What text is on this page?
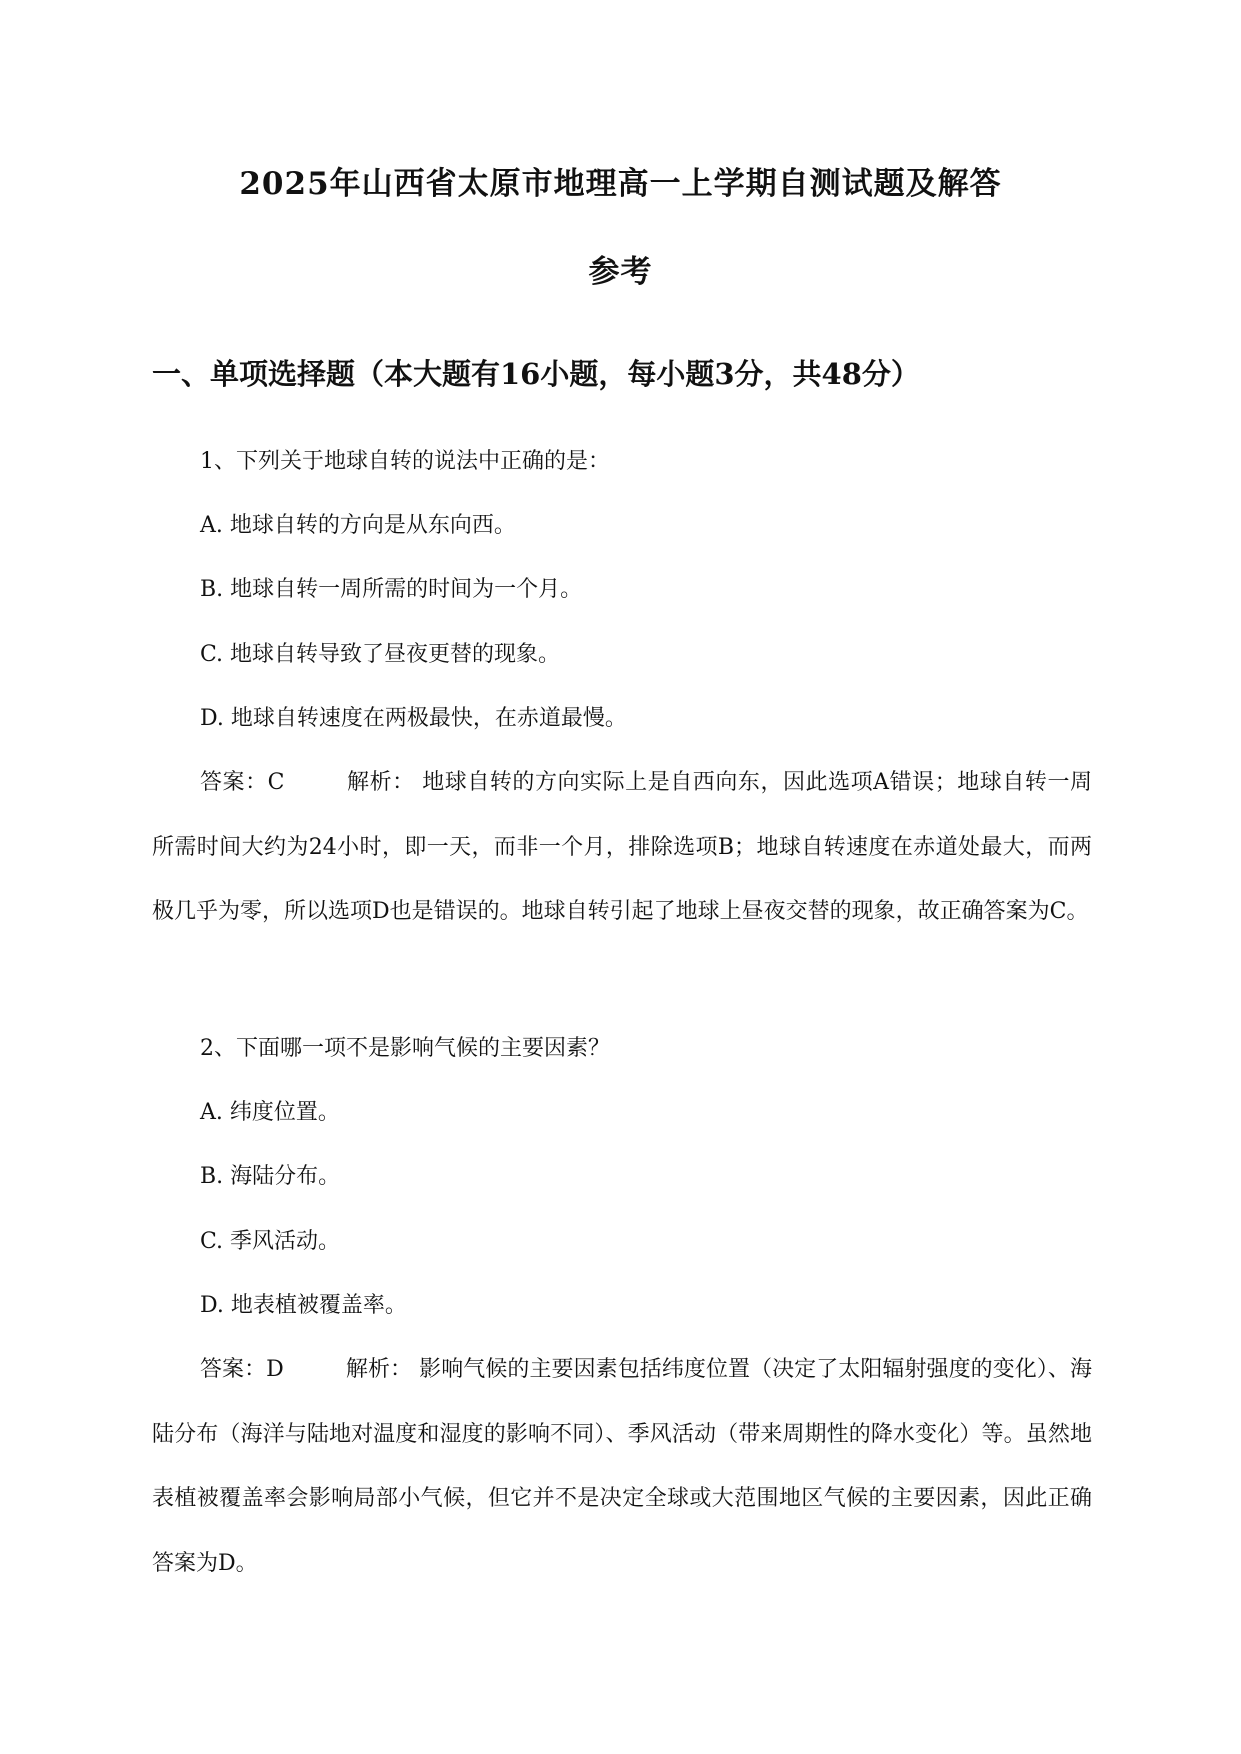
2025年山西省太原市地理高一上学期自测试题及解答
参考
一、单项选择题（本大题有16小题，每小题3分，共48分）
1、下列关于地球自转的说法中正确的是：
A. 地球自转的方向是从东向西。
B. 地球自转一周所需的时间为一个月。
C. 地球自转导致了昼夜更替的现象。
D. 地球自转速度在两极最快，在赤道最慢。

答案：C	解析： 地球自转的方向实际上是自西向东，因此选项A错误；地球自转一周所需时间大约为24小时，即一天，而非一个月，排除选项B；地球自转速度在赤道处最大，而两极几乎为零，所以选项D也是错误的。地球自转引起了地球上昼夜交替的现象，故正确答案为C。

2、下面哪一项不是影响气候的主要因素？
A. 纬度位置。
B. 海陆分布。
C. 季风活动。
D. 地表植被覆盖率。

答案：D	解析： 影响气候的主要因素包括纬度位置（决定了太阳辐射强度的变化）、海陆分布（海洋与陆地对温度和湿度的影响不同）、季风活动（带来周期性的降水变化）等。虽然地表植被覆盖率会影响局部小气候，但它并不是决定全球或大范围地区气候的主要因素，因此正确答案为D。
